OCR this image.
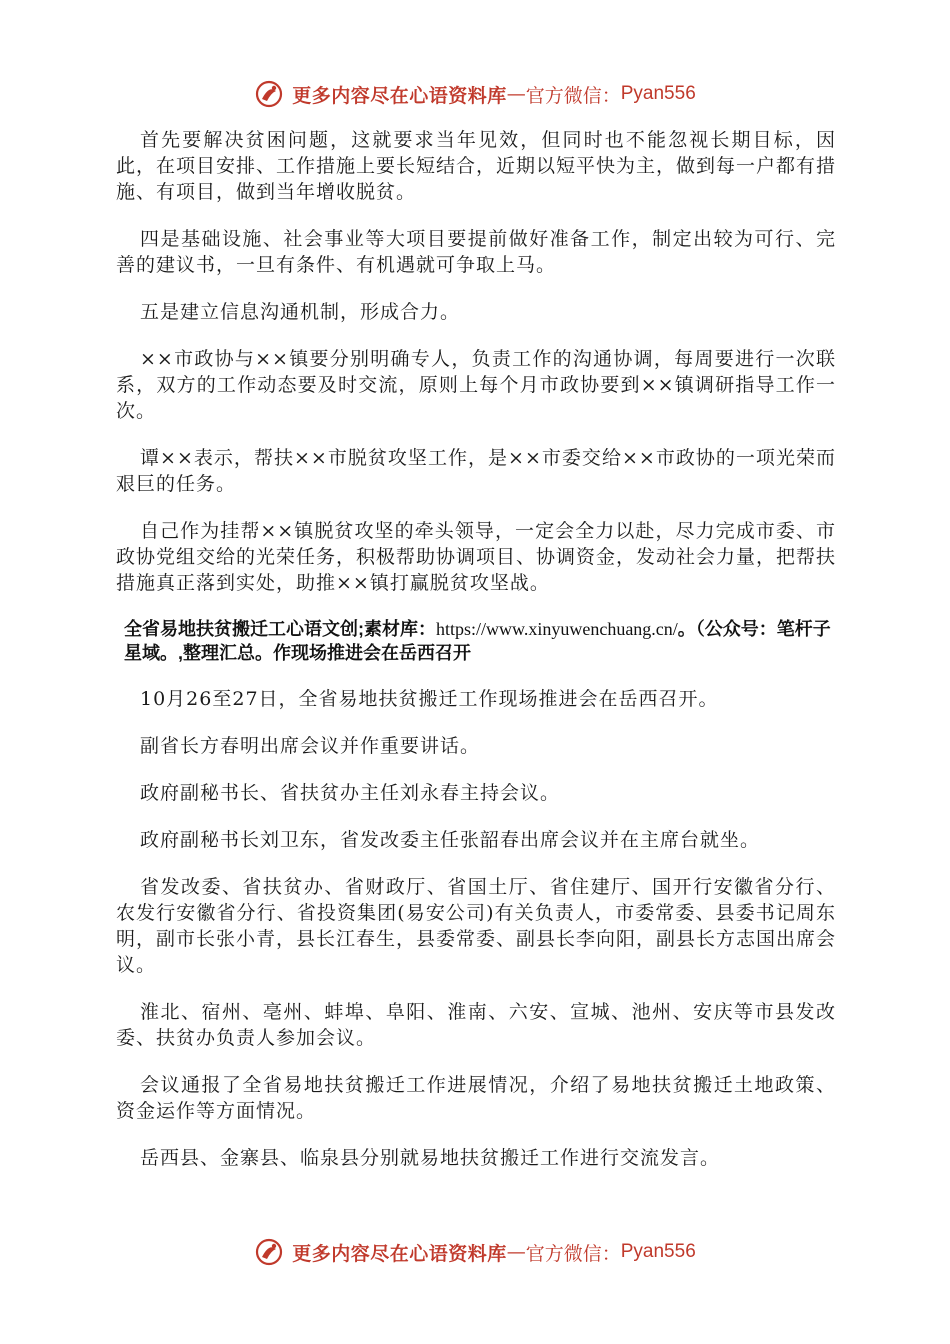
更多内容尽在心语资料库 — 官方微信： Pyan556

首先要解决贫困问题，这就要求当年见效，但同时也不能忽视长期目标，因此，在项目安排、工作措施上要长短结合，近期以短平快为主，做到每一户都有措施、有项目，做到当年增收脱贫。

四是基础设施、社会事业等大项目要提前做好准备工作，制定出较为可行、完善的建议书，一旦有条件、有机遇就可争取上马。

五是建立信息沟通机制，形成合力。

××市政协与××镇要分别明确专人，负责工作的沟通协调，每周要进行一次联系，双方的工作动态要及时交流，原则上每个月市政协要到××镇调研指导工作一次。

谭××表示，帮扶××市脱贫攻坚工作，是××市委交给××市政协的一项光荣而艰巨的任务。

自己作为挂帮××镇脱贫攻坚的牵头领导，一定会全力以赴，尽力完成市委、市政协党组交给的光荣任务，积极帮助协调项目、协调资金，发动社会力量，把帮扶措施真正落到实处，助推××镇打赢脱贫攻坚战。

全省易地扶贫搬迁工心语文创;素材库：https://www.xinyuwenchuang.cn/。（公众号：笔杆子星域。,整理汇总。作现场推进会在岳西召开

10月26至27日，全省易地扶贫搬迁工作现场推进会在岳西召开。

副省长方春明出席会议并作重要讲话。

政府副秘书长、省扶贫办主任刘永春主持会议。

政府副秘书长刘卫东，省发改委主任张韶春出席会议并在主席台就坐。

省发改委、省扶贫办、省财政厅、省国土厅、省住建厅、国开行安徽省分行、农发行安徽省分行、省投资集团(易安公司)有关负责人，市委常委、县委书记周东明，副市长张小青，县长江春生，县委常委、副县长李向阳，副县长方志国出席会议。

淮北、宿州、亳州、蚌埠、阜阳、淮南、六安、宣城、池州、安庆等市县发改委、扶贫办负责人参加会议。

会议通报了全省易地扶贫搬迁工作进展情况，介绍了易地扶贫搬迁土地政策、资金运作等方面情况。

岳西县、金寨县、临泉县分别就易地扶贫搬迁工作进行交流发言。

更多内容尽在心语资料库 — 官方微信： Pyan556
